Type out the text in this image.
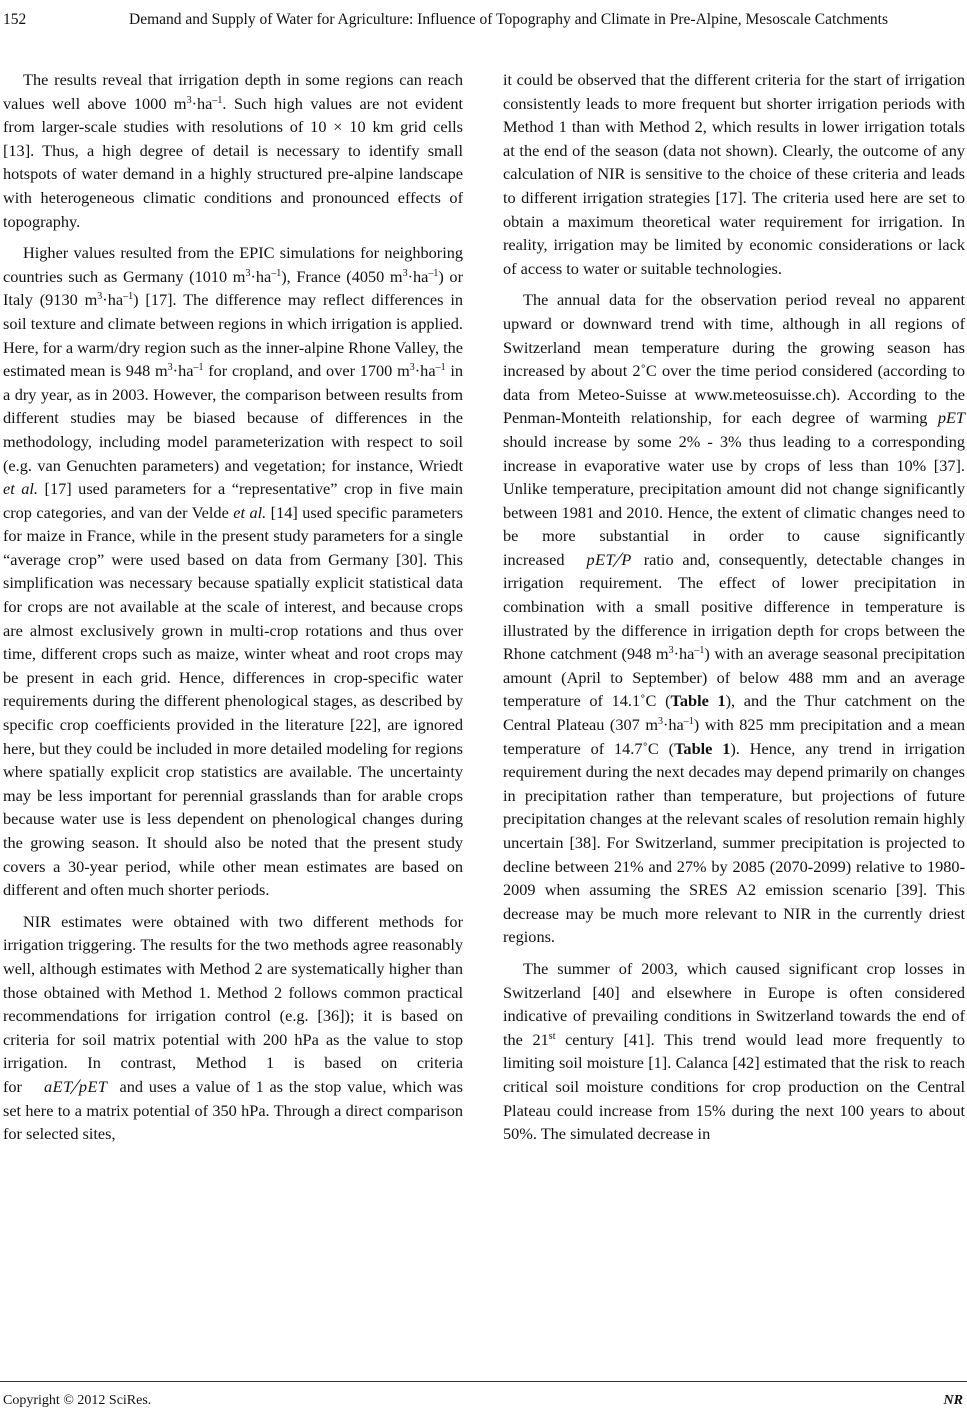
152	Demand and Supply of Water for Agriculture: Influence of Topography and Climate in Pre-Alpine, Mesoscale Catchments

The results reveal that irrigation depth in some regions can reach values well above 1000 $m^3\cdot ha^{-1}$. Such high values are not evident from larger-scale studies with resolutions of 10 × 10 km grid cells [13]. Thus, a high degree of detail is necessary to identify small hotspots of water demand in a highly structured pre-alpine landscape with heterogeneous climatic conditions and pronounced effects of topography.

Higher values resulted from the EPIC simulations for neighboring countries such as Germany (1010 $m^3\cdot ha^{-1}$), France (4050 $m^3\cdot ha^{-1}$) or Italy (9130 $m^3\cdot ha^{-1}$) [17]. The difference may reflect differences in soil texture and climate between regions in which irrigation is applied. Here, for a warm/dry region such as the inner-alpine Rhone Valley, the estimated mean is 948 $m^3\cdot ha^{-1}$ for cropland, and over 1700 $m^3\cdot ha^{-1}$ in a dry year, as in 2003. However, the comparison between results from different studies may be biased because of differences in the methodology, including model parameterization with respect to soil (e.g. van Genuchten parameters) and vegetation; for instance, Wriedt et al. [17] used parameters for a “representative” crop in five main crop categories, and van der Velde et al. [14] used specific parameters for maize in France, while in the present study parameters for a single “average crop” were used based on data from Germany [30]. This simplification was necessary because spatially explicit statistical data for crops are not available at the scale of interest, and because crops are almost exclusively grown in multi-crop rotations and thus over time, different crops such as maize, winter wheat and root crops may be present in each grid. Hence, differences in crop-specific water requirements during the different phenological stages, as described by specific crop coefficients provided in the literature [22], are ignored here, but they could be included in more detailed modeling for regions where spatially explicit crop statistics are available. The uncertainty may be less important for perennial grasslands than for arable crops because water use is less dependent on phenological changes during the growing season. It should also be noted that the present study covers a 30-year period, while other mean estimates are based on different and often much shorter periods.

NIR estimates were obtained with two different methods for irrigation triggering. The results for the two methods agree reasonably well, although estimates with Method 2 are systematically higher than those obtained with Method 1. Method 2 follows common practical recommendations for irrigation control (e.g. [36]); it is based on criteria for soil matrix potential with 200 hPa as the value to stop irrigation. In contrast, Method 1 is based on criteria for aET⁄pET and uses a value of 1 as the stop value, which was set here to a matrix potential of 350 hPa. Through a direct comparison for selected sites,

it could be observed that the different criteria for the start of irrigation consistently leads to more frequent but shorter irrigation periods with Method 1 than with Method 2, which results in lower irrigation totals at the end of the season (data not shown). Clearly, the outcome of any calculation of NIR is sensitive to the choice of these criteria and leads to different irrigation strategies [17]. The criteria used here are set to obtain a maximum theoretical water requirement for irrigation. In reality, irrigation may be limited by economic considerations or lack of access to water or suitable technologies.

The annual data for the observation period reveal no apparent upward or downward trend with time, although in all regions of Switzerland mean temperature during the growing season has increased by about 2˚C over the time period considered (according to data from Meteo-Suisse at www.meteosuisse.ch). According to the Penman-Monteith relationship, for each degree of warming pET should increase by some 2% - 3% thus leading to a corresponding increase in evaporative water use by crops of less than 10% [37]. Unlike temperature, precipitation amount did not change significantly between 1981 and 2010. Hence, the extent of climatic changes need to be more substantial in order to cause significantly increased pET⁄P ratio and, consequently, detectable changes in irrigation requirement. The effect of lower precipitation in combination with a small positive difference in temperature is illustrated by the difference in irrigation depth for crops between the Rhone catchment (948 $m^3\cdot ha^{-1}$) with an average seasonal precipitation amount (April to September) of below 488 mm and an average temperature of 14.1˚C (Table 1), and the Thur catchment on the Central Plateau (307 $m^3\cdot ha^{-1}$) with 825 mm precipitation and a mean temperature of 14.7˚C (Table 1). Hence, any trend in irrigation requirement during the next decades may depend primarily on changes in precipitation rather than temperature, but projections of future precipitation changes at the relevant scales of resolution remain highly uncertain [38]. For Switzerland, summer precipitation is projected to decline between 21% and 27% by 2085 (2070-2099) relative to 1980-2009 when assuming the SRES A2 emission scenario [39]. This decrease may be much more relevant to NIR in the currently driest regions.

The summer of 2003, which caused significant crop losses in Switzerland [40] and elsewhere in Europe is often considered indicative of prevailing conditions in Switzerland towards the end of the 21st century [41]. This trend would lead more frequently to limiting soil moisture [1]. Calanca [42] estimated that the risk to reach critical soil moisture conditions for crop production on the Central Plateau could increase from 15% during the next 100 years to about 50%. The simulated decrease in

Copyright © 2012 SciRes.	NR
